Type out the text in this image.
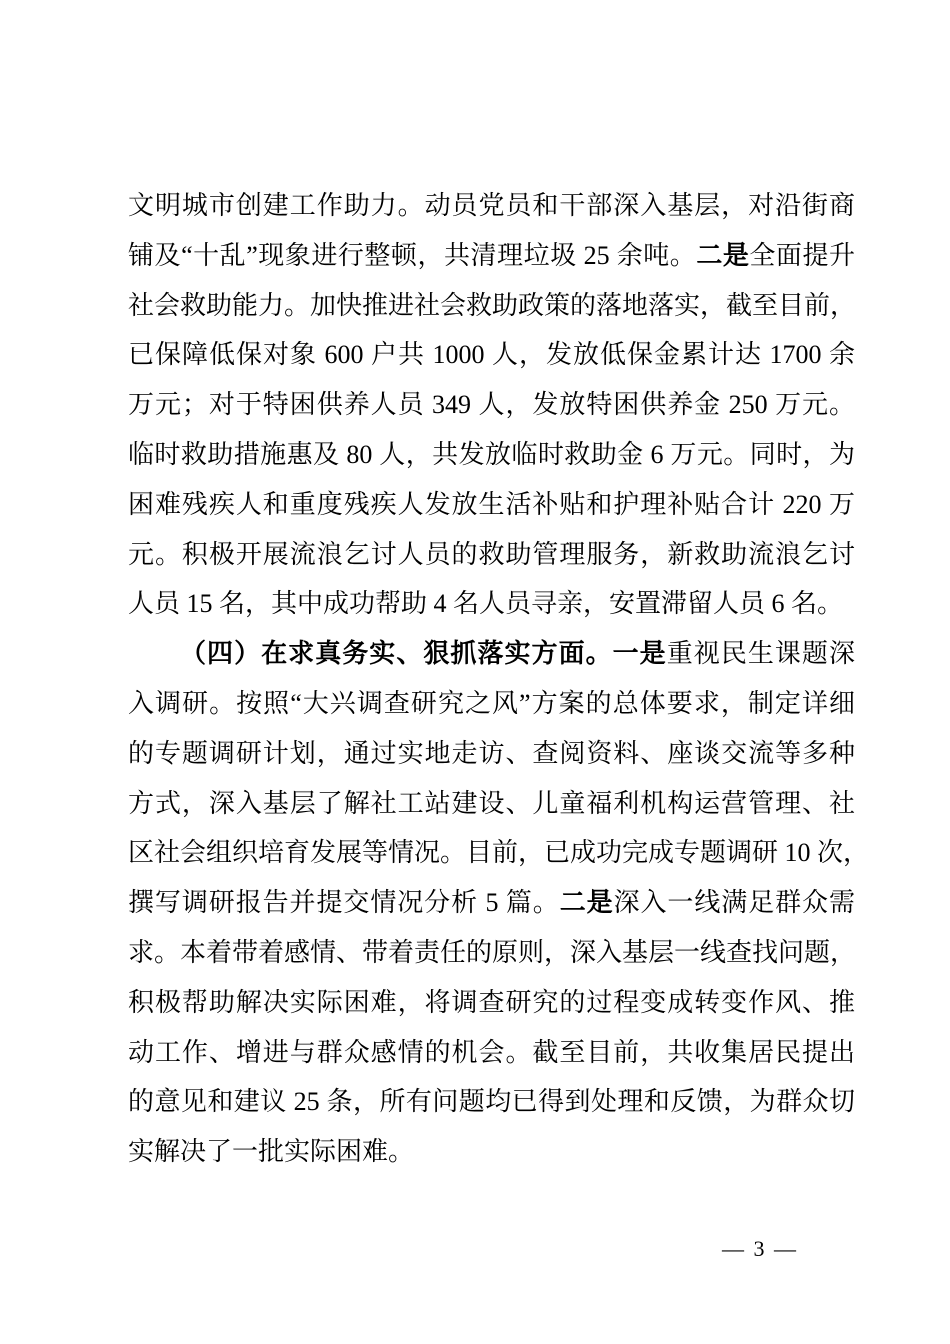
文明城市创建工作助力。动员党员和干部深入基层，对沿街商
铺及“十乱”现象进行整顿，共清理垃圾 25 余吨。二是全面提升
社会救助能力。加快推进社会救助政策的落地落实，截至目前，
已保障低保对象 600 户共 1000 人，发放低保金累计达 1700 余
万元；对于特困供养人员 349 人，发放特困供养金 250 万元。
临时救助措施惠及 80 人，共发放临时救助金 6 万元。同时，为
困难残疾人和重度残疾人发放生活补贴和护理补贴合计 220 万
元。积极开展流浪乞讨人员的救助管理服务，新救助流浪乞讨
人员 15 名，其中成功帮助 4 名人员寻亲，安置滞留人员 6 名。
（四）在求真务实、狠抓落实方面。一是重视民生课题深
入调研。按照“大兴调查研究之风”方案的总体要求，制定详细
的专题调研计划，通过实地走访、查阅资料、座谈交流等多种
方式，深入基层了解社工站建设、儿童福利机构运营管理、社
区社会组织培育发展等情况。目前，已成功完成专题调研 10 次，
撰写调研报告并提交情况分析 5 篇。二是深入一线满足群众需
求。本着带着感情、带着责任的原则，深入基层一线查找问题，
积极帮助解决实际困难，将调查研究的过程变成转变作风、推
动工作、增进与群众感情的机会。截至目前，共收集居民提出
的意见和建议 25 条，所有问题均已得到处理和反馈，为群众切
实解决了一批实际困难。
— 3 —
